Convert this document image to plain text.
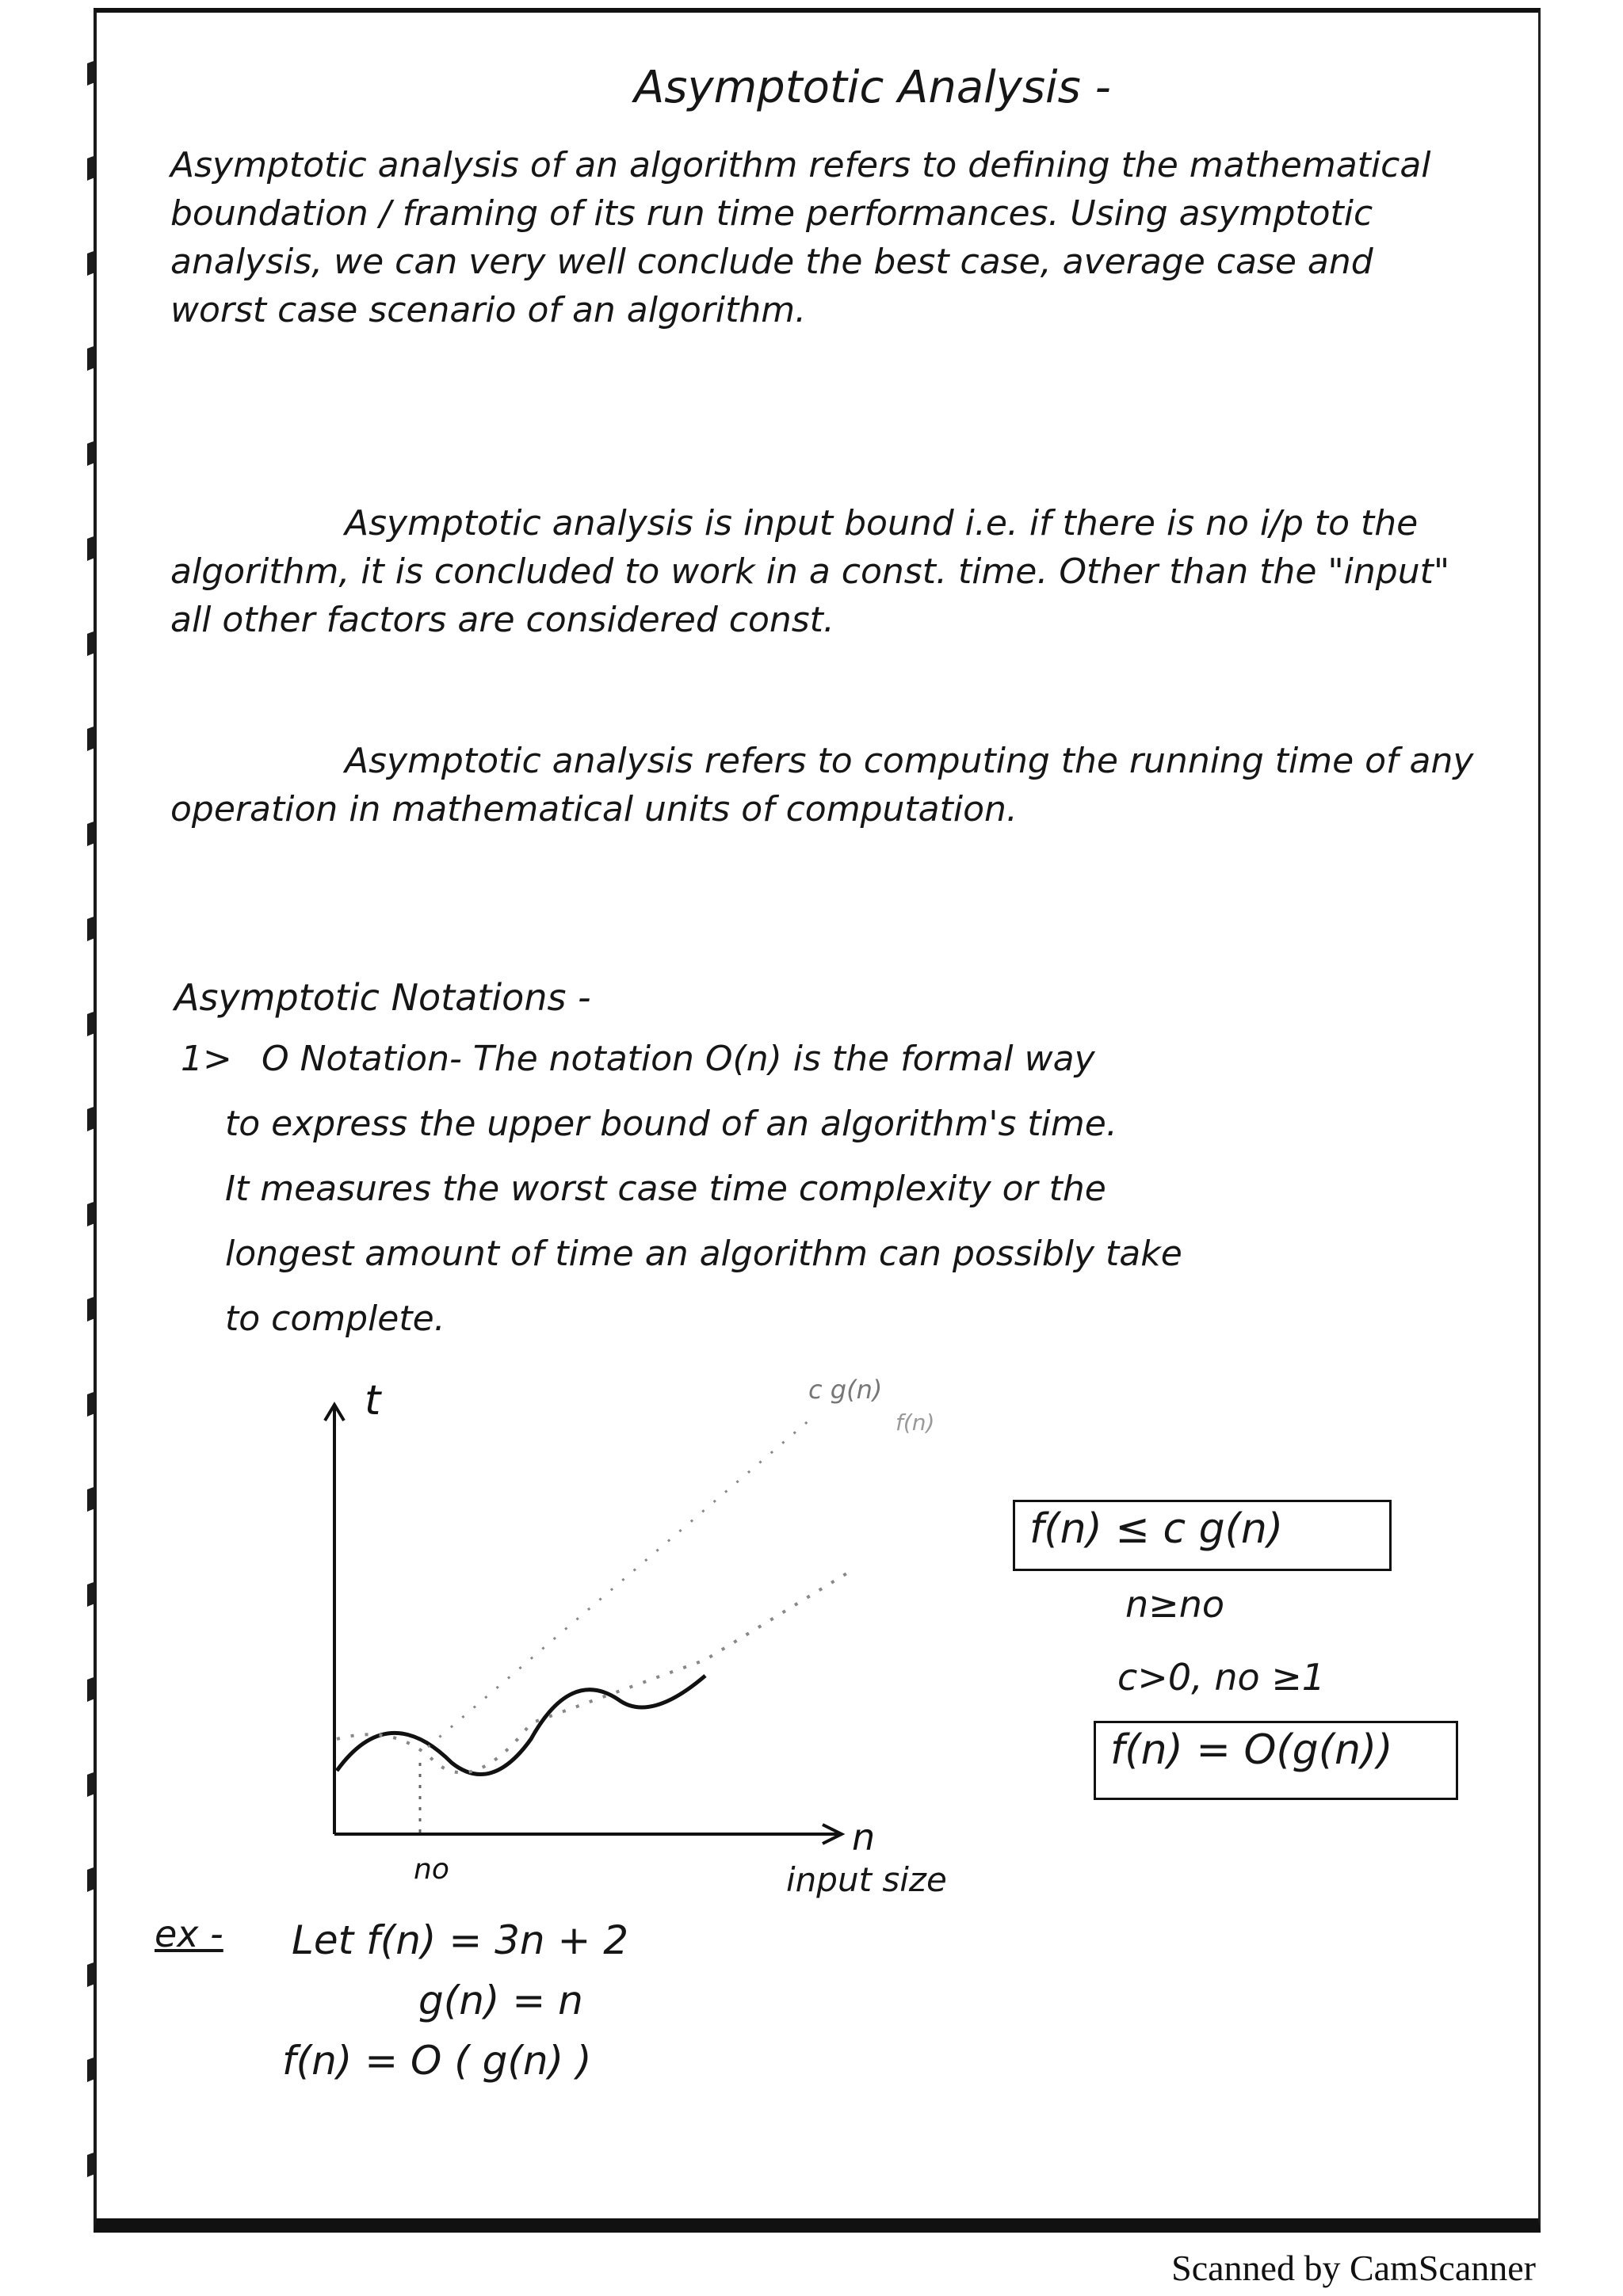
Asymptotic Analysis -
Asymptotic analysis of an algorithm refers to defining the mathematical boundation / framing of its run time performances. Using asymptotic analysis, we can very well conclude the best case, average case and worst case scenario of an algorithm.
Asymptotic analysis is input bound i.e. if there is no i/p to the algorithm, it is concluded to work in a const. time. Other than the "input" all other factors are considered const.
Asymptotic analysis refers to computing the running time of any operation in mathematical units of computation.
Asymptotic Notations -
1> O Notation- The notation O(n) is the formal way
to express the upper bound of an algorithm's time.
It measures the worst case time complexity or the
longest amount of time an algorithm can possibly take
to complete.
t
n
no
c g(n)
f(n)
input size
f(n) ≤ c g(n)
n≥no
c>0, no ≥1
f(n) = O(g(n))
ex - Let f(n) = 3n + 2
g(n) = n
f(n) = O ( g(n) )
Scanned by CamScanner
